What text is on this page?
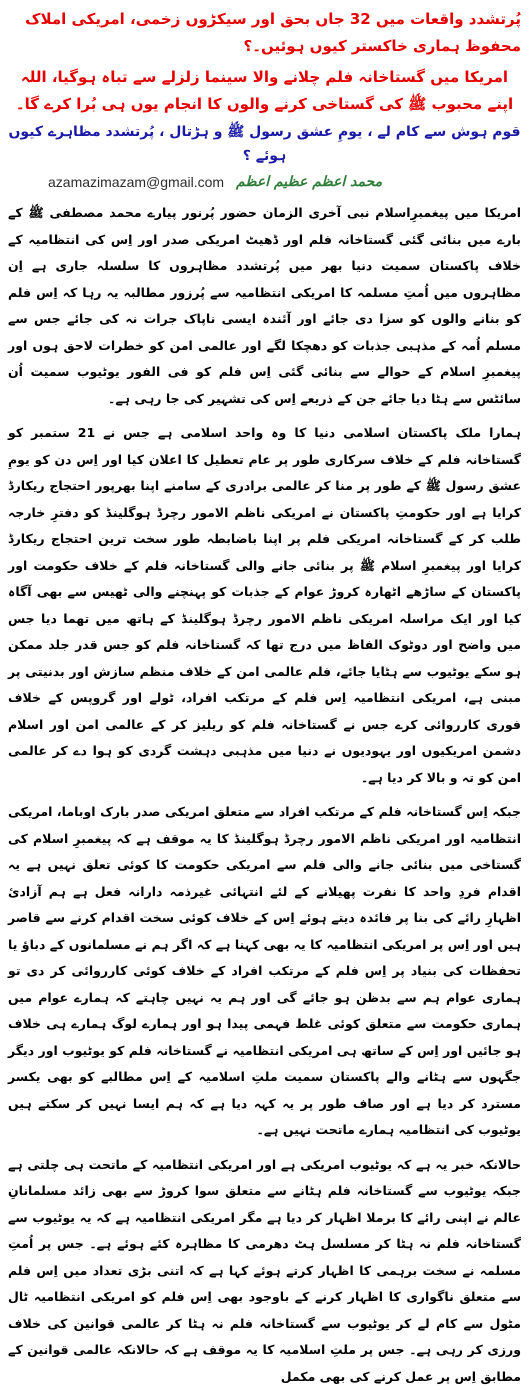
پُرتشدد واقعات میں 32 جاں بحق اور سیکڑوں زخمی، امریکی املاک محفوظ ہماری خاکستر کیوں ہوئیں۔؟

امریکا میں گستاخانہ فلم چلانے والا سینما زلزلے سے تباہ ہوگیا، اللہ اپنے محبوب ﷺ کی گستاخی کرنے والوں کا انجام یوں ہی بُرا کرے گا۔

قوم ہوش سے کام لے ، یومِ عشق رسول ﷺ و ہڑتال ، پُرتشدد مظاہرے کیوں ہوئے ؟

azamazimazam@gmail.com محمد اعظم عظیم اعظم

امریکا میں پیغمبرِاسلام نبی آخری الزمان حضور پُرنور پیارے محمد مصطفی ﷺ کے بارے میں بنائی گئی گستاخانہ فلم اور ڈھیٹ امریکی صدر اور اِس کی انتظامیہ کے خلاف پاکستان سمیت دنیا بھر میں پُرتشدد مظاہروں کا سلسلہ جاری ہے اِن مظاہروں میں اُمتِ مسلمہ کا امریکی انتظامیہ سے پُرزور مطالبہ یہ رہا کہ اِس فلم کو بنانے والوں کو سزا دی جائے اور آئندہ ایسی ناپاک جرات نہ کی جائے جس سے مسلم اُمہ کے مذہبی جذبات کو دھچکا لگے اور عالمی امن کو خطرات لاحق ہوں اور پیغمبرِ اسلام کے حوالے سے بنائی گئی اِس فلم کو فی الفور یوٹیوب سمیت اُن سائٹس سے ہٹا دیا جائے جن کے ذریعے اِس کی تشہیر کی جا رہی ہے۔

ہمارا ملک پاکستان اسلامی دنیا کا وہ واحد اسلامی ہے جس نے 21 ستمبر کو گستاخانہ فلم کے خلاف سرکاری طور پر عام تعطیل کا اعلان کیا اور اِس دن کو یومِ عشق رسول ﷺ کے طور پر منا کر عالمی برادری کے سامنے اپنا بھرپور احتجاج ریکارڈ کرایا ہے اور حکومتِ پاکستان نے امریکی ناظم الامور رچرڈ ہوگلینڈ کو دفترِ خارجہ طلب کر کے گستاخانہ امریکی فلم پر اپنا باضابطہ طور سخت ترین احتجاج ریکارڈ کرایا اور پیغمبرِ اسلام ﷺ پر بنائی جانے والی گستاخانہ فلم کے خلاف حکومت اور پاکستان کے ساڑھے اٹھارہ کروڑ عوام کے جذبات کو پہنچنے والی ٹھیس سے بھی آگاہ کیا اور ایک مراسلہ امریکی ناظم الامور رچرڈ ہوگلینڈ کے ہاتھ میں تھما دیا جس میں واضح اور دوٹوک الفاظ میں درج تھا کہ گستاخانہ فلم کو جس قدر جلد ممکن ہو سکے یوٹیوب سے ہٹایا جائے، فلم عالمی امن کے خلاف منظم سازش اور بدنیتی پر مبنی ہے، امریکی انتظامیہ اِس فلم کے مرتکب افراد، ٹولے اور گروپس کے خلاف فوری کارروائی کرے جس نے گستاخانہ فلم کو ریلیز کر کے عالمی امن اور اسلام دشمن امریکیوں اور یہودیوں نے دنیا میں مذہبی دہشت گردی کو ہوا دے کر عالمی امن کو تہ و بالا کر دیا ہے۔

جبکہ اِس گستاخانہ فلم کے مرتکب افراد سے متعلق امریکی صدر بارک اوباما، امریکی انتظامیہ اور امریکی ناظم الامور رچرڈ ہوگلینڈ کا یہ موقف ہے کہ پیغمبرِ اسلام کی گستاخی میں بنائی جانے والی فلم سے امریکی حکومت کا کوئی تعلق نہیں ہے یہ اقدام فردِ واحد کا نفرت پھیلانے کے لئے انتہائی غیرذمہ دارانہ فعل ہے ہم آزادیٔ اظہارِ رائے کی بنا پر فائدہ دیتے ہوئے اِس کے خلاف کوئی سخت اقدام کرنے سے قاصر ہیں اور اِس پر امریکی انتظامیہ کا یہ بھی کہنا ہے کہ اگر ہم نے مسلمانوں کے دباؤ یا تحفظات کی بنیاد پر اِس فلم کے مرتکب افراد کے خلاف کوئی کارروائی کر دی تو ہماری عوام ہم سے بدظن ہو جائے گی اور ہم یہ نہیں چاہتے کہ ہمارے عوام میں ہماری حکومت سے متعلق کوئی غلط فہمی پیدا ہو اور ہمارے لوگ ہمارے ہی خلاف ہو جائیں اور اِس کے ساتھ ہی امریکی انتظامیہ نے گستاخانہ فلم کو یوٹیوب اور دیگر جگہوں سے ہٹانے والے پاکستان سمیت ملتِ اسلامیہ کے اِس مطالبے کو بھی یکسر مسترد کر دیا ہے اور صاف طور پر یہ کہہ دیا ہے کہ ہم ایسا نہیں کر سکتے ہیں یوٹیوب کی انتظامیہ ہمارے ماتحت نہیں ہے۔

حالانکہ خبر یہ ہے کہ یوٹیوب امریکی ہے اور امریکی انتظامیہ کے ماتحت ہی چلتی ہے جبکہ یوٹیوب سے گستاخانہ فلم ہٹانے سے متعلق سوا کروڑ سے بھی زائد مسلمانانِ عالم نے اپنی رائے کا برملا اظہار کر دیا ہے مگر امریکی انتظامیہ ہے کہ یہ یوٹیوب سے گستاخانہ فلم نہ ہٹا کر مسلسل ہٹ دھرمی کا مظاہرہ کئے ہوئے ہے۔ جس پر اُمتِ مسلمہ نے سخت برہمی کا اظہار کرتے ہوئے کہا ہے کہ اتنی بڑی تعداد میں اِس فلم سے متعلق ناگواری کا اظہار کرنے کے باوجود بھی اِس فلم کو امریکی انتظامیہ ٹال مٹول سے کام لے کر یوٹیوب سے گستاخانہ فلم نہ ہٹا کر عالمی قوانین کی خلاف ورزی کر رہی ہے۔ جس پر ملتِ اسلامیہ کا یہ موقف ہے کہ حالانکہ عالمی قوانین کے مطابق اِس پر عمل کرنے کی بھی مکمل
